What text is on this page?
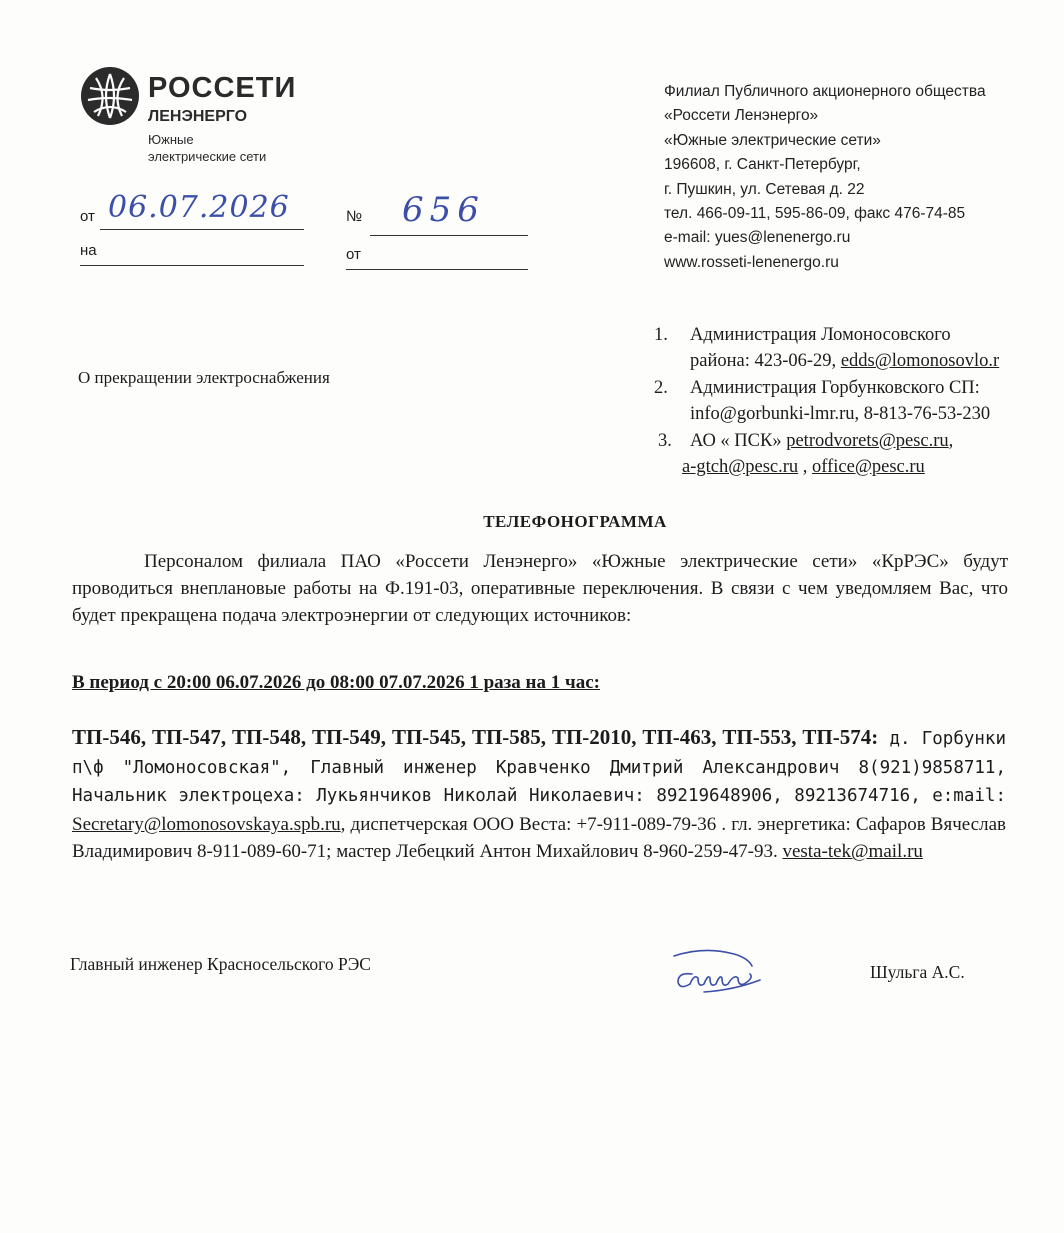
РОССЕТИ
ЛЕНЭНЕРГО
Южные
электрические сети
от 06.07.2026	№ 656
на	от
Филиал Публичного акционерного общества
«Россети Ленэнерго»
«Южные электрические сети»
196608, г. Санкт-Петербург,
г. Пушкин, ул. Сетевая д. 22
тел. 466-09-11, 595-86-09, факс 476-74-85
e-mail: yues@lenenergo.ru
www.rosseti-lenenergo.ru
О прекращении электроснабжения
1.	Администрация Ломоносовского
района: 423-06-29, edds@lomonosovlo.r
2.	Администрация Горбунковского СП:
info@gorbunki-lmr.ru, 8-813-76-53-230
3. АО « ПСК» petrodvorets@pesc.ru ,
a-gtch@pesc.ru , office@pesc.ru
ТЕЛЕФОНОГРАММА

Персоналом филиала ПАО «Россети Ленэнерго» «Южные электрические сети» «КрРЭС» будут проводиться внеплановые работы на Ф.191-03, оперативные переключения. В связи с чем уведомляем Вас, что будет прекращена подача электроэнергии от следующих источников:

В период с 20:00 06.07.2026 до 08:00 07.07.2026 1 раза на 1 час:
ТП-546, ТП-547, ТП-548, ТП-549, ТП-545, ТП-585, ТП-2010, ТП-463, ТП-553, ТП-574: д. Горбунки п\ф "Ломоносовская", Главный инженер Кравченко Дмитрий Александрович 8(921)9858711, Начальник электроцеха: Лукьянчиков Николай Николаевич: 89219648906, 89213674716, e:mail: Secretary@lomonosovskaya.spb.ru, диспетчерская ООО Веста: +7-911-089-79-36 . гл. энергетика: Сафаров Вячеслав Владимирович 8-911-089-60-71; мастер Лебецкий Антон Михайлович 8-960-259-47-93. vesta-tek@mail.ru
Главный инженер Красносельского РЭС	Шульга А.С.
